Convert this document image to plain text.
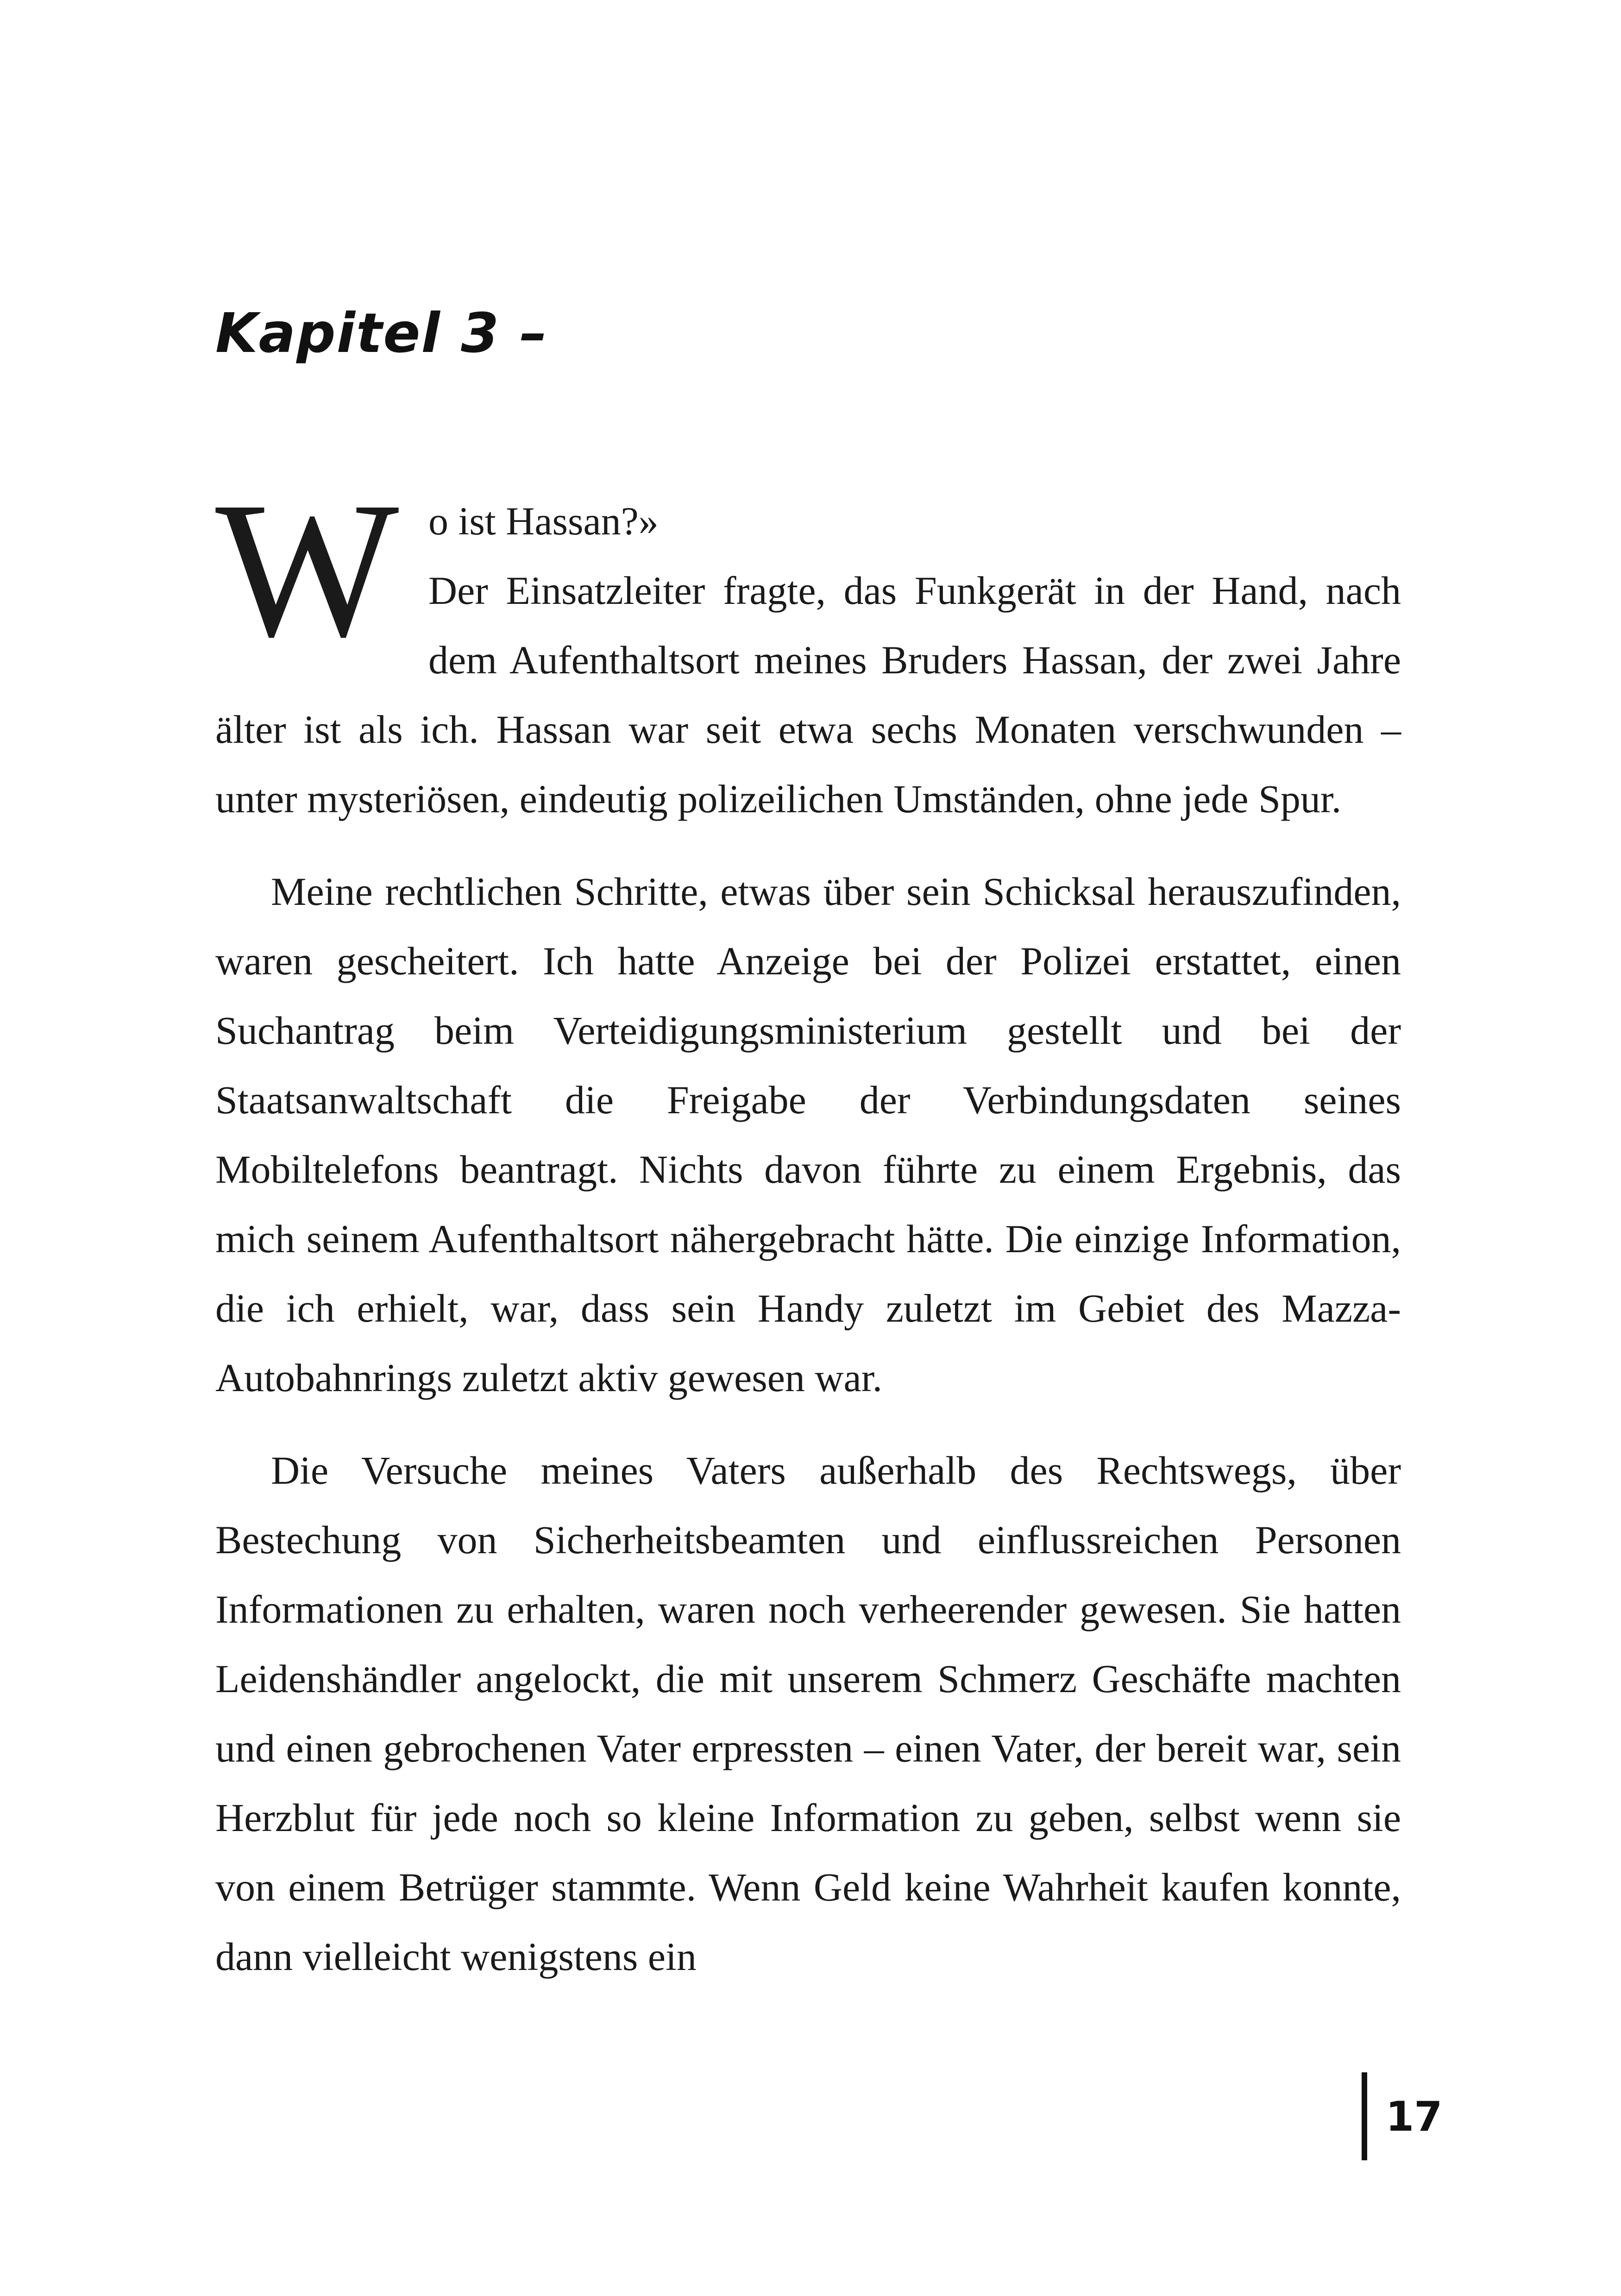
Kapitel 3 –
W o ist Hassan?»
Der Einsatzleiter fragte, das Funkgerät in der Hand, nach dem Aufenthaltsort meines Bruders Hassan, der zwei Jahre älter ist als ich. Hassan war seit etwa sechs Monaten verschwunden – unter mysteriösen, eindeutig polizeilichen Umständen, ohne jede Spur.

Meine rechtlichen Schritte, etwas über sein Schicksal herauszufinden, waren gescheitert. Ich hatte Anzeige bei der Polizei erstattet, einen Suchantrag beim Verteidigungsministerium gestellt und bei der Staatsanwaltschaft die Freigabe der Verbindungsdaten seines Mobiltelefons beantragt. Nichts davon führte zu einem Ergebnis, das mich seinem Aufenthaltsort nähergebracht hätte. Die einzige Information, die ich erhielt, war, dass sein Handy zuletzt im Gebiet des Mazza-Autobahnrings zuletzt aktiv gewesen war.

Die Versuche meines Vaters außerhalb des Rechtswegs, über Bestechung von Sicherheitsbeamten und einflussreichen Personen Informationen zu erhalten, waren noch verheerender gewesen. Sie hatten Leidenshändler angelockt, die mit unserem Schmerz Geschäfte machten und einen gebrochenen Vater erpressten – einen Vater, der bereit war, sein Herzblut für jede noch so kleine Information zu geben, selbst wenn sie von einem Betrüger stammte. Wenn Geld keine Wahrheit kaufen konnte, dann vielleicht wenigstens ein

17
